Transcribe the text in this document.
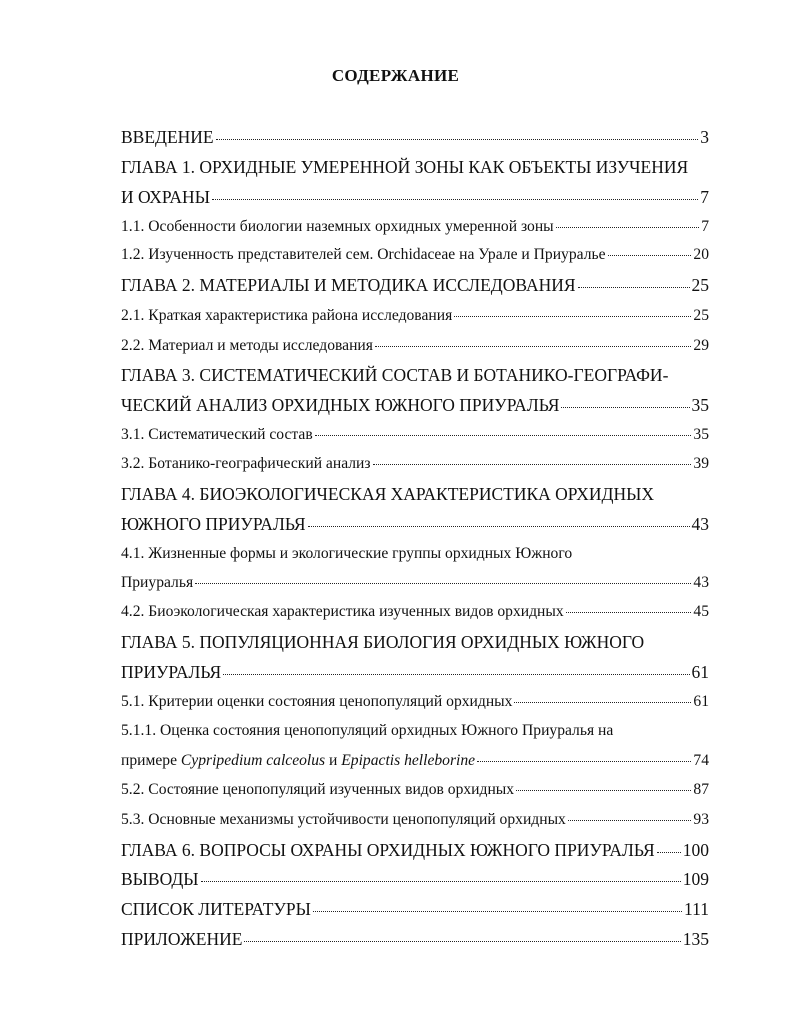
СОДЕРЖАНИЕ
ВВЕДЕНИЕ	3
ГЛАВА 1. ОРХИДНЫЕ УМЕРЕННОЙ ЗОНЫ КАК ОБЪЕКТЫ ИЗУЧЕНИЯ
И ОХРАНЫ	7
1.1. Особенности биологии наземных орхидных умеренной зоны	7
1.2. Изученность представителей сем. Orchidaceae на Урале и Приуралье	20
ГЛАВА 2. МАТЕРИАЛЫ И МЕТОДИКА ИССЛЕДОВАНИЯ	25
2.1. Краткая характеристика района исследования	25
2.2. Материал и методы исследования	29
ГЛАВА 3. СИСТЕМАТИЧЕСКИЙ СОСТАВ И БОТАНИКО-ГЕОГРАФИ-
ЧЕСКИЙ АНАЛИЗ ОРХИДНЫХ ЮЖНОГО ПРИУРАЛЬЯ	35
3.1. Систематический состав	35
3.2. Ботанико-географический анализ	39
ГЛАВА 4. БИОЭКОЛОГИЧЕСКАЯ ХАРАКТЕРИСТИКА ОРХИДНЫХ
ЮЖНОГО ПРИУРАЛЬЯ	43
4.1. Жизненные формы и экологические группы орхидных Южного
Приуралья	43
4.2. Биоэкологическая характеристика изученных видов орхидных	45
ГЛАВА 5. ПОПУЛЯЦИОННАЯ БИОЛОГИЯ ОРХИДНЫХ ЮЖНОГО
ПРИУРАЛЬЯ	61
5.1. Критерии оценки состояния ценопопуляций орхидных	61
5.1.1. Оценка состояния ценопопуляций орхидных Южного Приуралья на
примере Cypripedium calceolus и Epipactis helleborine	74
5.2. Состояние ценопопуляций изученных видов орхидных	87
5.3. Основные механизмы устойчивости ценопопуляций орхидных	93
ГЛАВА 6. ВОПРОСЫ ОХРАНЫ ОРХИДНЫХ ЮЖНОГО ПРИУРАЛЬЯ 100
ВЫВОДЫ	109
СПИСОК ЛИТЕРАТУРЫ	111
ПРИЛОЖЕНИЕ	135
